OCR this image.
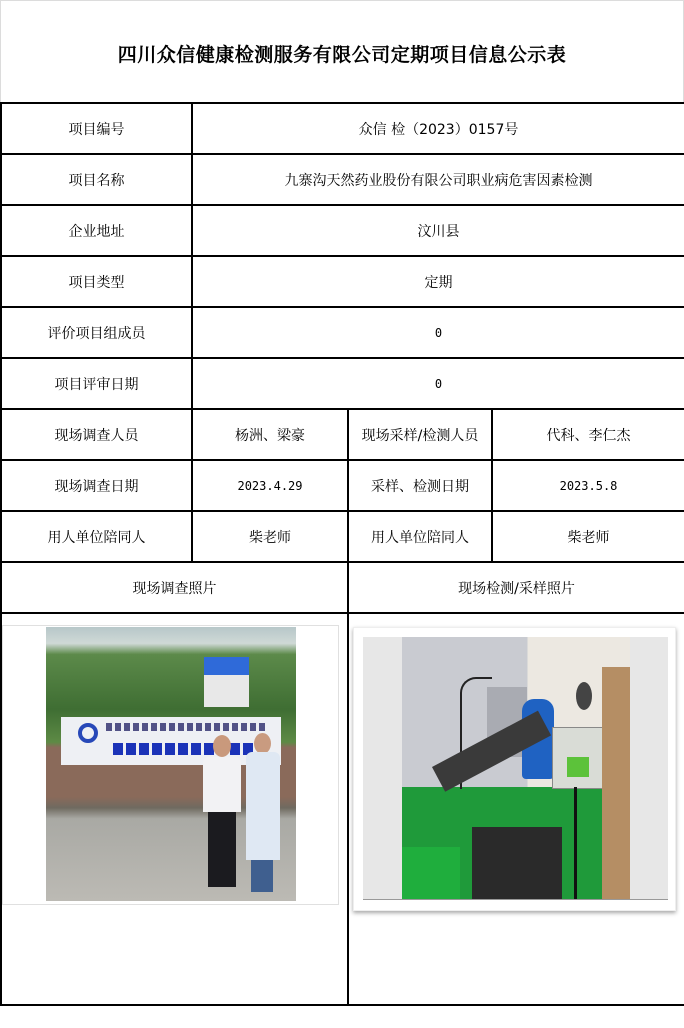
四川众信健康检测服务有限公司定期项目信息公示表
项目编号	众信 检（2023）0157号		
项目名称	九寨沟天然药业股份有限公司职业病危害因素检测		
企业地址	汶川县		
项目类型	定期		
评价项目组成员	0		
项目评审日期	0		
现场调查人员	杨洲、梁豪	现场采样/检测人员	代科、李仁杰
现场调查日期	2023.4.29	采样、检测日期	2023.5.8
用人单位陪同人	柴老师	用人单位陪同人	柴老师
现场调查照片		现场检测/采样照片	
